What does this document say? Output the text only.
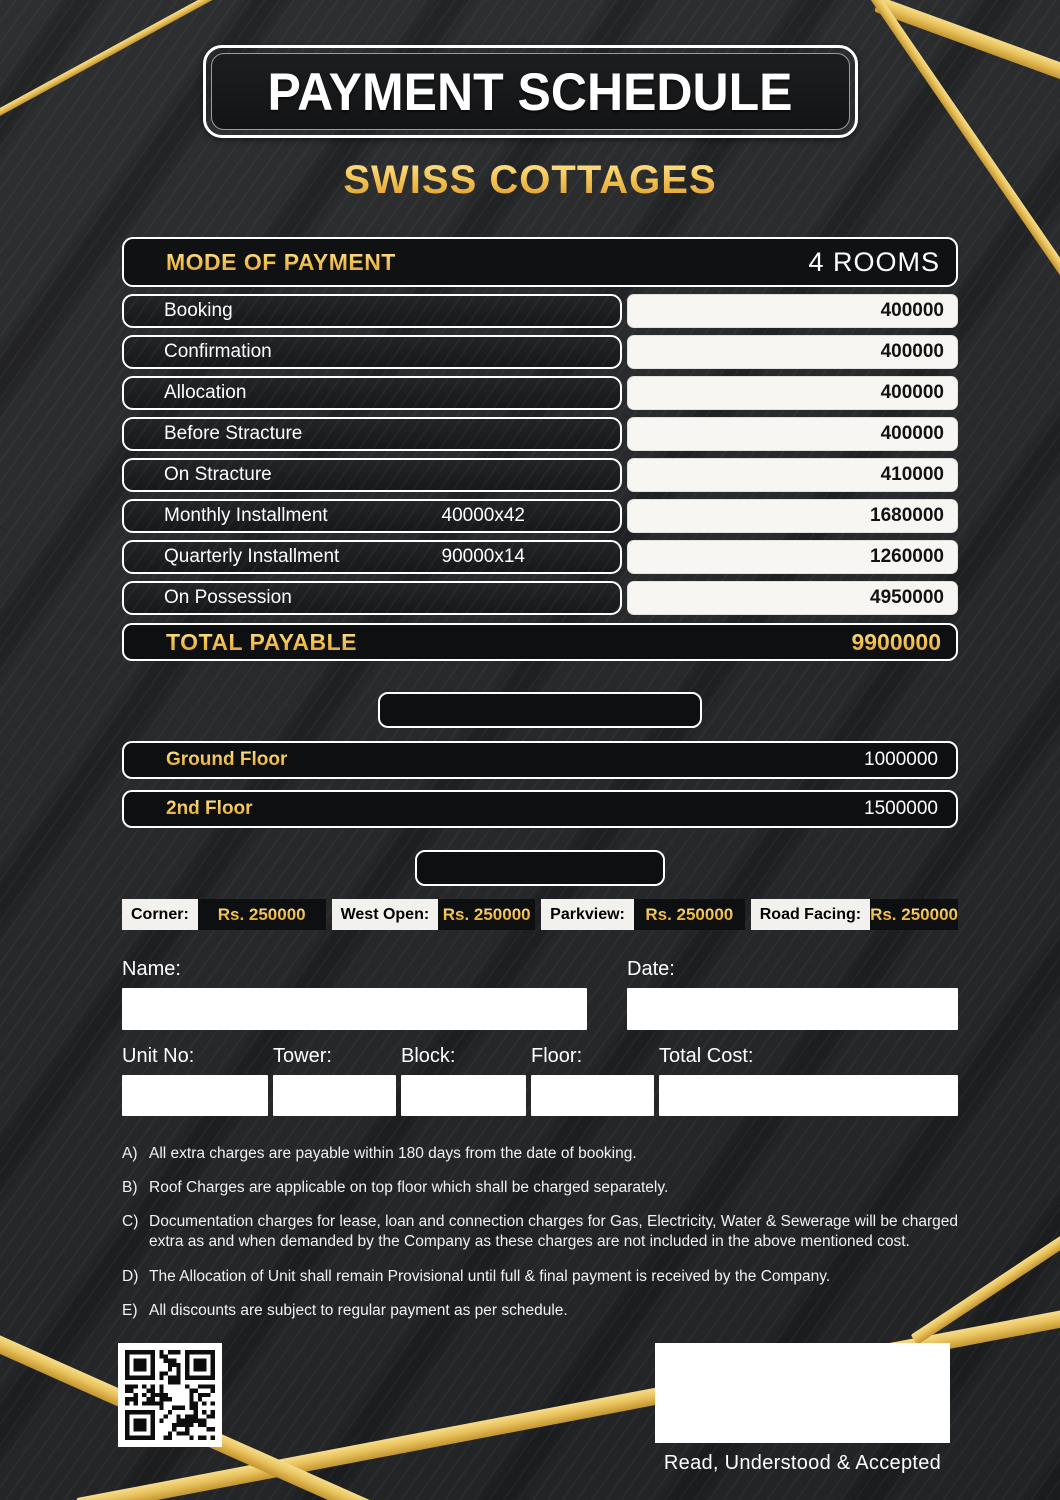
PAYMENT SCHEDULE
SWISS COTTAGES
MODE OF PAYMENT	4 ROOMS
Booking	400000
Confirmation	400000
Allocation	400000
Before Stracture	400000
On Stracture	410000
Monthly Installment	40000x42	1680000
Quarterly Installment	90000x14	1260000
On Possession	4950000
TOTAL PAYABLE	9900000
Ground Floor	1000000
2nd Floor	1500000
Corner:	Rs. 250000	West Open: Rs. 250000	Parkview:	Rs. 250000	Road Facing: Rs. 250000
Name:	Date:
Unit No:	Tower:	Block:	Floor:	Total Cost:
A) All extra charges are payable within 180 days from the date of booking.
B) Roof Charges are applicable on top floor which shall be charged separately.
C) Documentation charges for lease, loan and connection charges for Gas, Electricity, Water & Sewerage will be charged extra as and when demanded by the Company as these charges are not included in the above mentioned cost.
D) The Allocation of Unit shall remain Provisional until full & final payment is received by the Company.
E) All discounts are subject to regular payment as per schedule.
Read, Understood & Accepted
